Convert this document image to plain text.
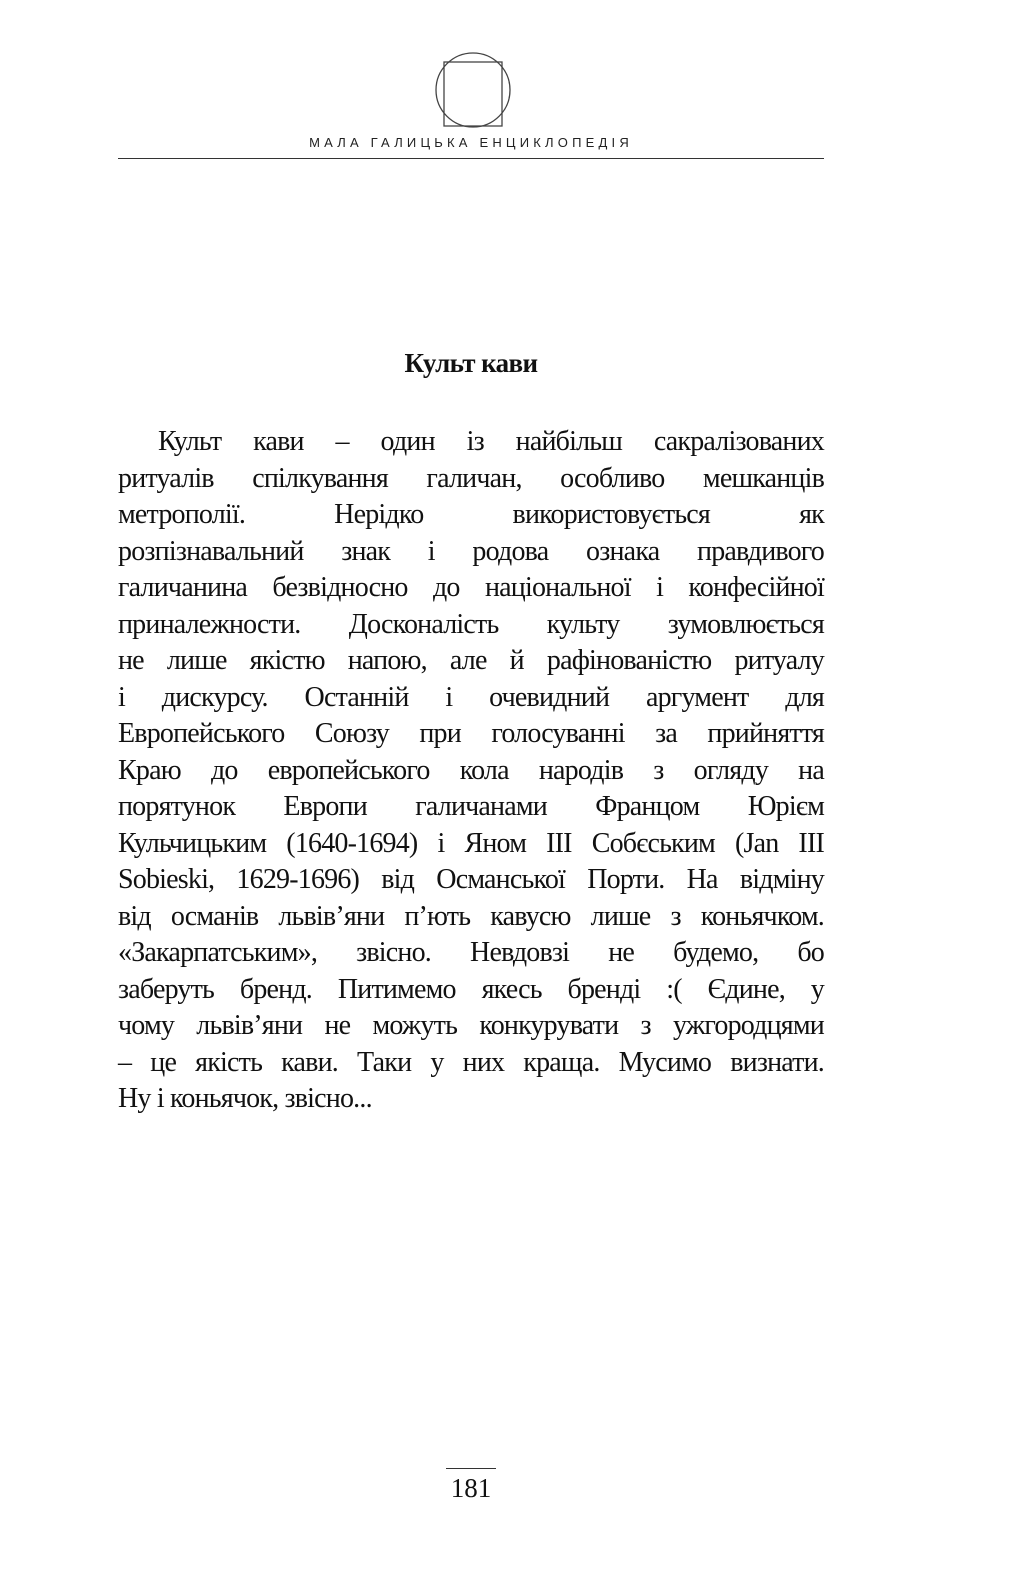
МАЛА ГАЛИЦЬКА ЕНЦИКЛОПЕДІЯ
Культ кави
Культ кави – один із найбільш сакралізованих
ритуалів спілкування галичан, особливо мешканців
метрополії. Нерідко використовується як
розпізнавальний знак і родова ознака правдивого
галичанина безвідносно до національної і конфесійної
приналежности. Досконалість культу зумовлюється
не лише якістю напою, але й рафінованістю ритуалу
і дискурсу. Останній і очевидний аргумент для
Европейського Союзу при голосуванні за прийняття
Краю до европейського кола народів з огляду на
порятунок Европи галичанами Францом Юрієм
Кульчицьким (1640-1694) і Яном III Собєським (Jan III
Sobieski, 1629-1696) від Османської Порти. На відміну
від османів львів’яни п’ють кавусю лише з коньячком.
«Закарпатським», звісно. Невдовзі не будемо, бо
заберуть бренд. Питимемо якесь бренді :( Єдине, у
чому львів’яни не можуть конкурувати з ужгородцями
– це якість кави. Таки у них краща. Мусимо визнати.
Ну і коньячок, звісно...
181
